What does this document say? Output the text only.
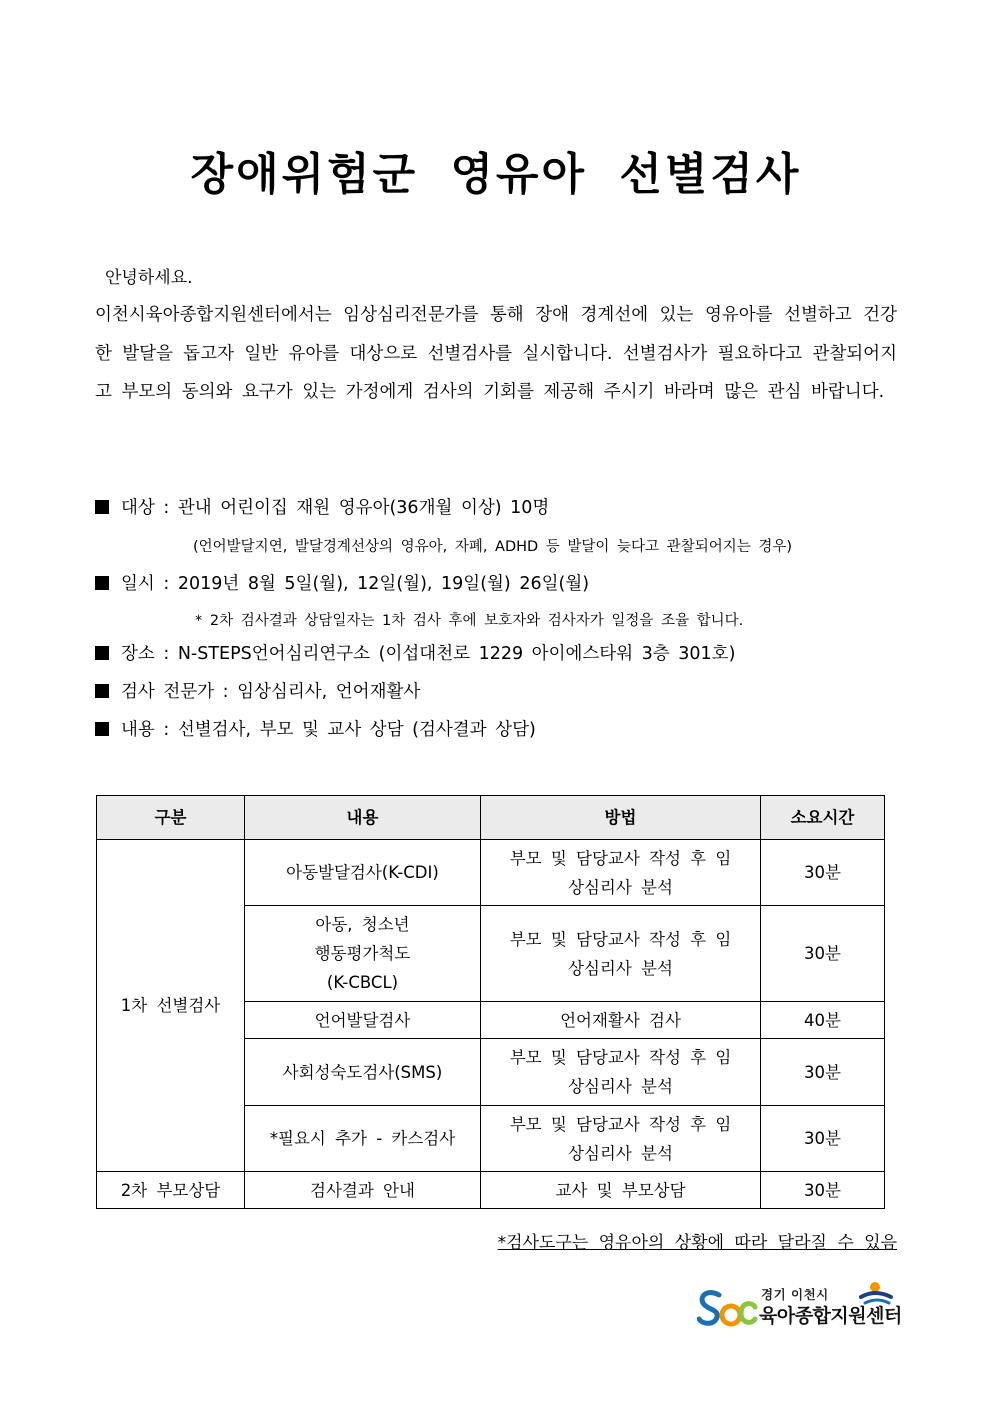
장애위험군 영유아 선별검사
안녕하세요.
이천시육아종합지원센터에서는 임상심리전문가를 통해 장애 경계선에 있는 영유아를 선별하고 건강한 발달을 돕고자 일반 유아를 대상으로 선별검사를 실시합니다. 선별검사가 필요하다고 관찰되어지고 부모의 동의와 요구가 있는 가정에게 검사의 기회를 제공해 주시기 바라며 많은 관심 바랍니다.
대상 : 관내 어린이집 재원 영유아(36개월 이상) 10명
(언어발달지연, 발달경계선상의 영유아, 자폐, ADHD 등 발달이 늦다고 관찰되어지는 경우)
일시 : 2019년 8월 5일(월), 12일(월), 19일(월) 26일(월)
* 2차 검사결과 상담일자는 1차 검사 후에 보호자와 검사자가 일정을 조율 합니다.
장소 : N-STEPS언어심리연구소 (이섭대천로 1229 아이에스타워 3층 301호)
검사 전문가 : 임상심리사, 언어재활사
내용 : 선별검사, 부모 및 교사 상담 (검사결과 상담)
구분	내용	방법	소요시간
1차 선별검사	아동발달검사(K-CDI)	부모 및 담당교사 작성 후 임상심리사 분석	30분
	아동, 청소년 행동평가척도 (K-CBCL)	부모 및 담당교사 작성 후 임상심리사 분석	30분
	언어발달검사	언어재활사 검사	40분
	사회성숙도검사(SMS)	부모 및 담당교사 작성 후 임상심리사 분석	30분
	*필요시 추가 - 카스검사	부모 및 담당교사 작성 후 임상심리사 분석	30분
2차 부모상담	검사결과 안내	교사 및 부모상담	30분
*검사도구는 영유아의 상황에 따라 달라질 수 있음
경기 이천시
육아종합지원센터
